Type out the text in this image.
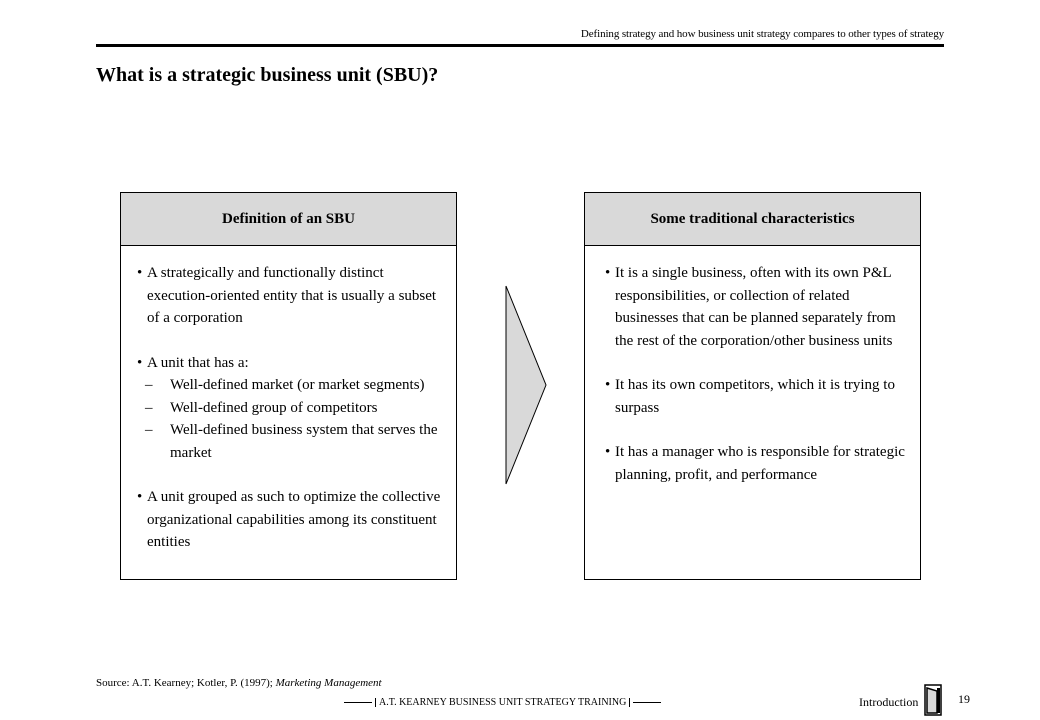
Defining strategy and how business unit strategy compares to other types of strategy
What is a strategic business unit (SBU)?
Definition of an SBU
• A strategically and functionally distinct execution-oriented entity that is usually a subset of a corporation
• A unit that has a:
–	Well-defined market (or market segments)
–	Well-defined group of competitors
–	Well-defined business system that serves the market
• A unit grouped as such to optimize the collective organizational capabilities among its constituent entities
Some traditional characteristics
• It is a single business, often with its own P&L responsibilities, or collection of related businesses that can be planned separately from the rest of the corporation/other business units
• It has its own competitors, which it is trying to surpass
• It has a manager who is responsible for strategic planning, profit, and performance
Source: A.T. Kearney; Kotler, P. (1997); Marketing Management
A.T. KEARNEY BUSINESS UNIT STRATEGY TRAINING	Introduction	19
